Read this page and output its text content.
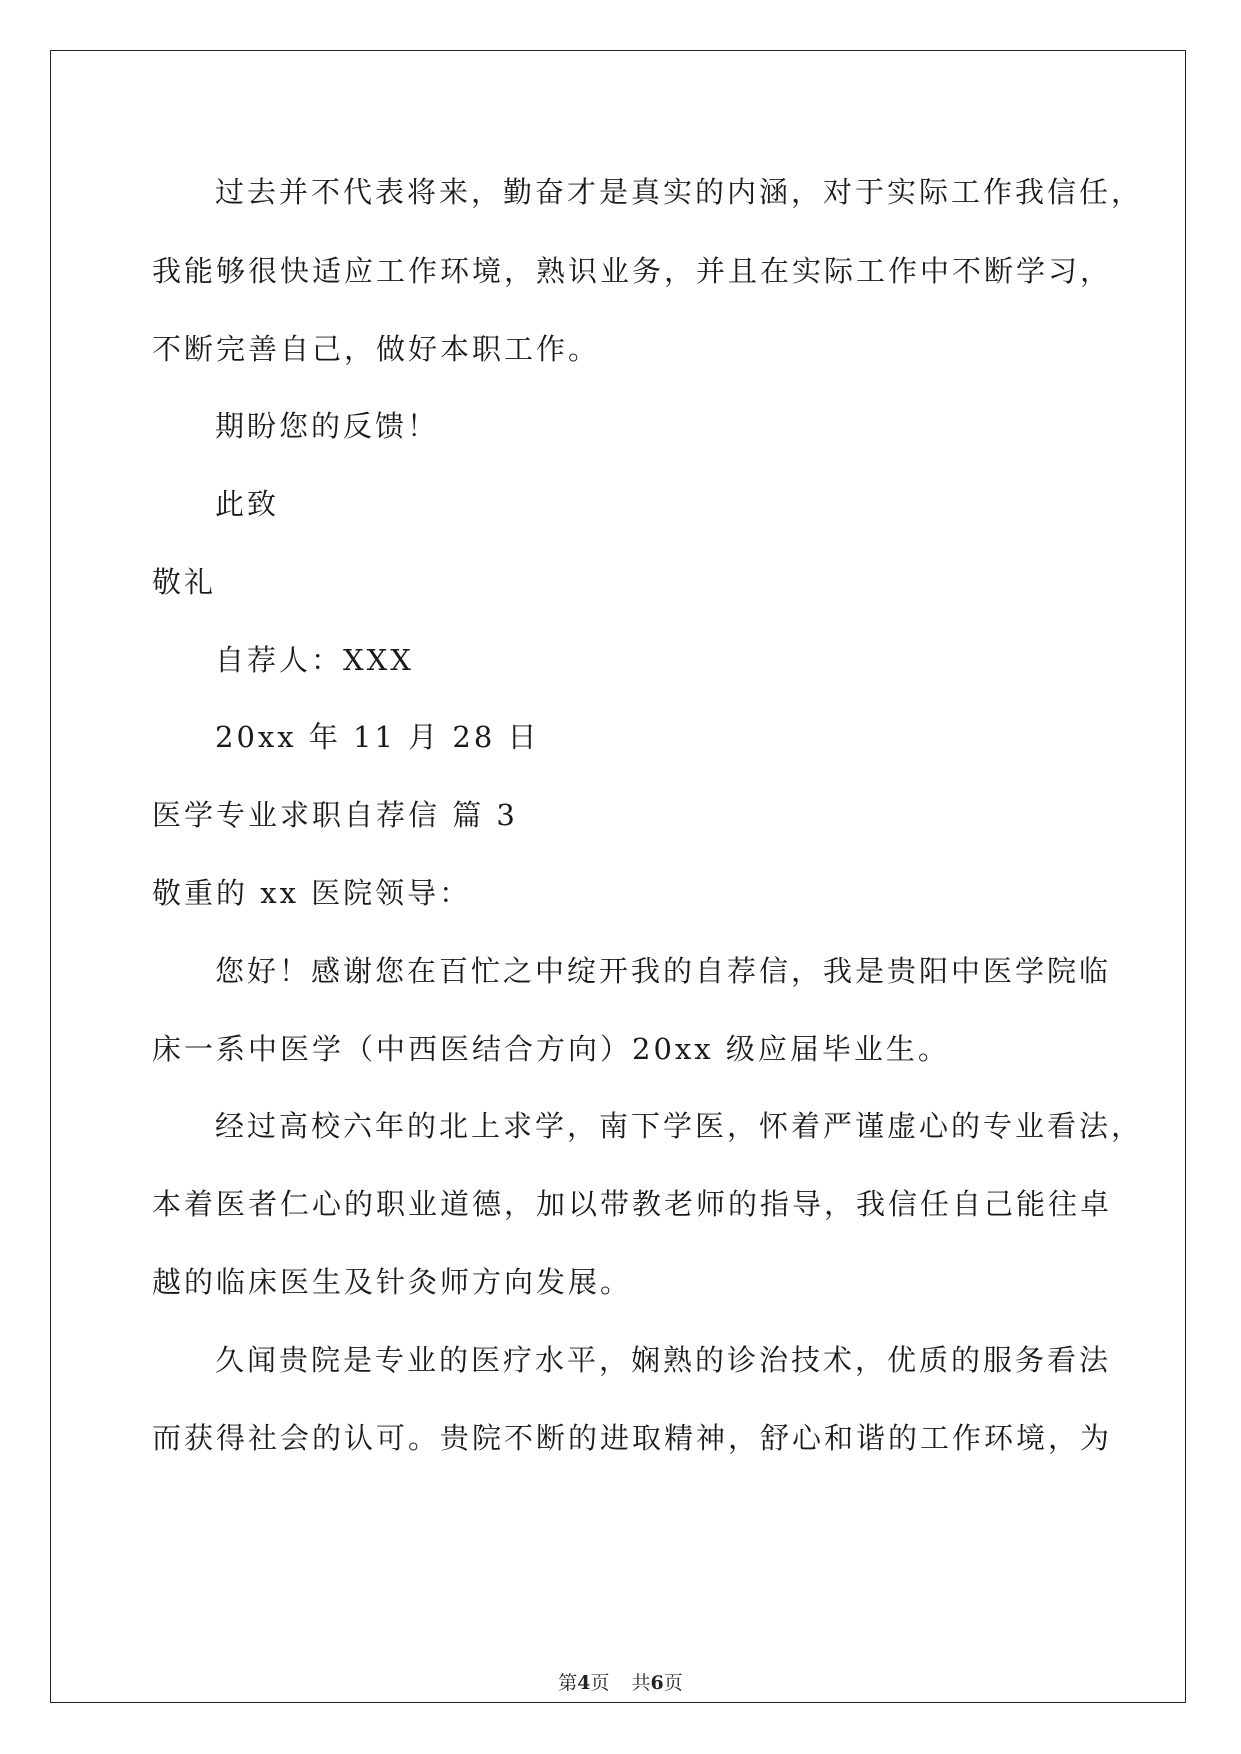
过去并不代表将来，勤奋才是真实的内涵，对于实际工作我信任，
我能够很快适应工作环境，熟识业务，并且在实际工作中不断学习，
不断完善自己，做好本职工作。
期盼您的反馈！
此致
敬礼
自荐人：XXX
20xx 年 11 月 28 日
医学专业求职自荐信 篇 3
敬重的 xx 医院领导：
您好！感谢您在百忙之中绽开我的自荐信，我是贵阳中医学院临
床一系中医学（中西医结合方向）20xx 级应届毕业生。
经过高校六年的北上求学，南下学医，怀着严谨虚心的专业看法，
本着医者仁心的职业道德，加以带教老师的指导，我信任自己能往卓
越的临床医生及针灸师方向发展。
久闻贵院是专业的医疗水平，娴熟的诊治技术，优质的服务看法
而获得社会的认可。贵院不断的进取精神，舒心和谐的工作环境，为
第4页 共6页
